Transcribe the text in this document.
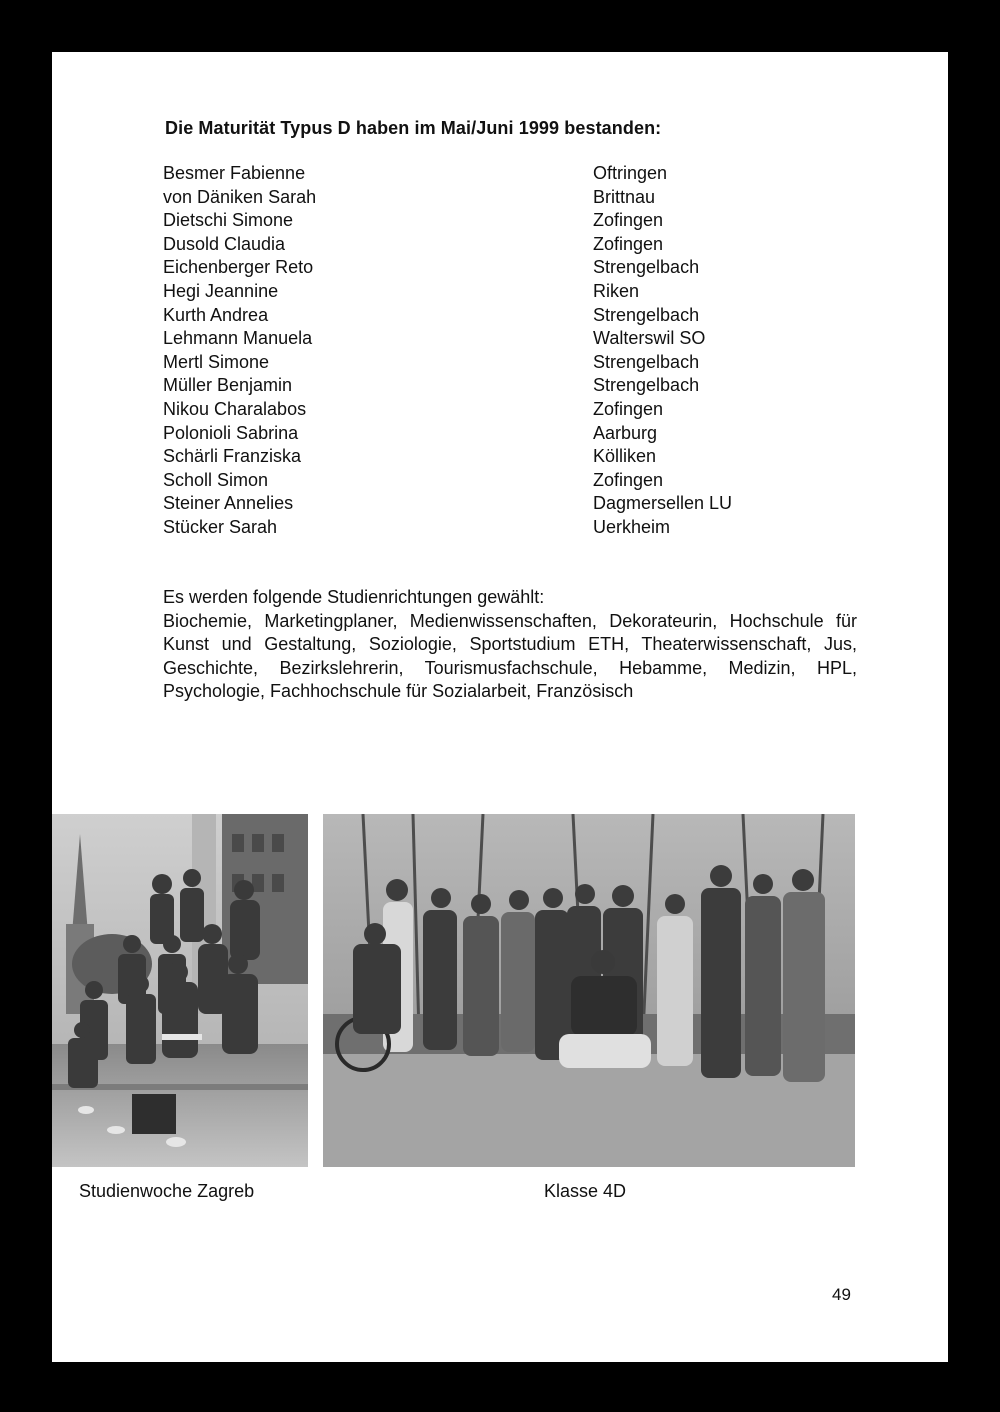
Die Maturität Typus D haben im Mai/Juni 1999 bestanden:
Besmer Fabienne	Oftringen
von Däniken Sarah	Brittnau
Dietschi Simone	Zofingen
Dusold Claudia	Zofingen
Eichenberger Reto	Strengelbach
Hegi Jeannine	Riken
Kurth Andrea	Strengelbach
Lehmann Manuela	Walterswil SO
Mertl Simone	Strengelbach
Müller Benjamin	Strengelbach
Nikou Charalabos	Zofingen
Polonioli Sabrina	Aarburg
Schärli Franziska	Kölliken
Scholl Simon	Zofingen
Steiner Annelies	Dagmersellen LU
Stücker Sarah	Uerkheim

Es werden folgende Studienrichtungen gewählt:

Biochemie, Marketingplaner, Medienwissenschaften, Dekorateurin, Hochschule für Kunst und Gestaltung, Soziologie, Sportstudium ETH, Theaterwissenschaft, Jus, Geschichte, Bezirkslehrerin, Tourismusfachschule, Hebamme, Medizin, HPL, Psychologie, Fachhochschule für Sozialarbeit, Französisch

Studienwoche Zagreb	Klasse 4D

49
